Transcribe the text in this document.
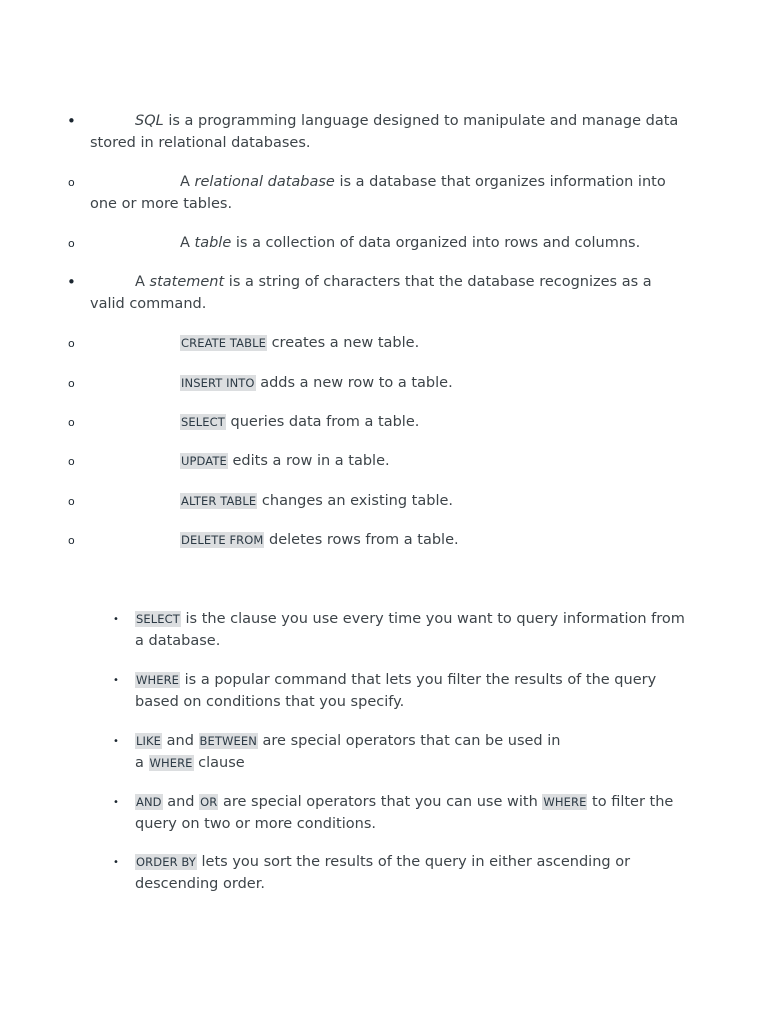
•	SQL is a programming language designed to manipulate and manage data stored in relational databases.
o	A relational database is a database that organizes information into one or more tables.
o	A table is a collection of data organized into rows and columns.
•	A statement is a string of characters that the database recognizes as a valid command.
o	CREATE TABLE creates a new table.
o	INSERT INTO adds a new row to a table.
o	SELECT queries data from a table.
o	UPDATE edits a row in a table.
o	ALTER TABLE changes an existing table.
o	DELETE FROM deletes rows from a table.
• SELECT is the clause you use every time you want to query information from a database.
• WHERE is a popular command that lets you filter the results of the query based on conditions that you specify.
• LIKE and BETWEEN are special operators that can be used in
a WHERE clause
• AND and OR are special operators that you can use with WHERE to filter the query on two or more conditions.
• ORDER BY lets you sort the results of the query in either ascending or descending order.
